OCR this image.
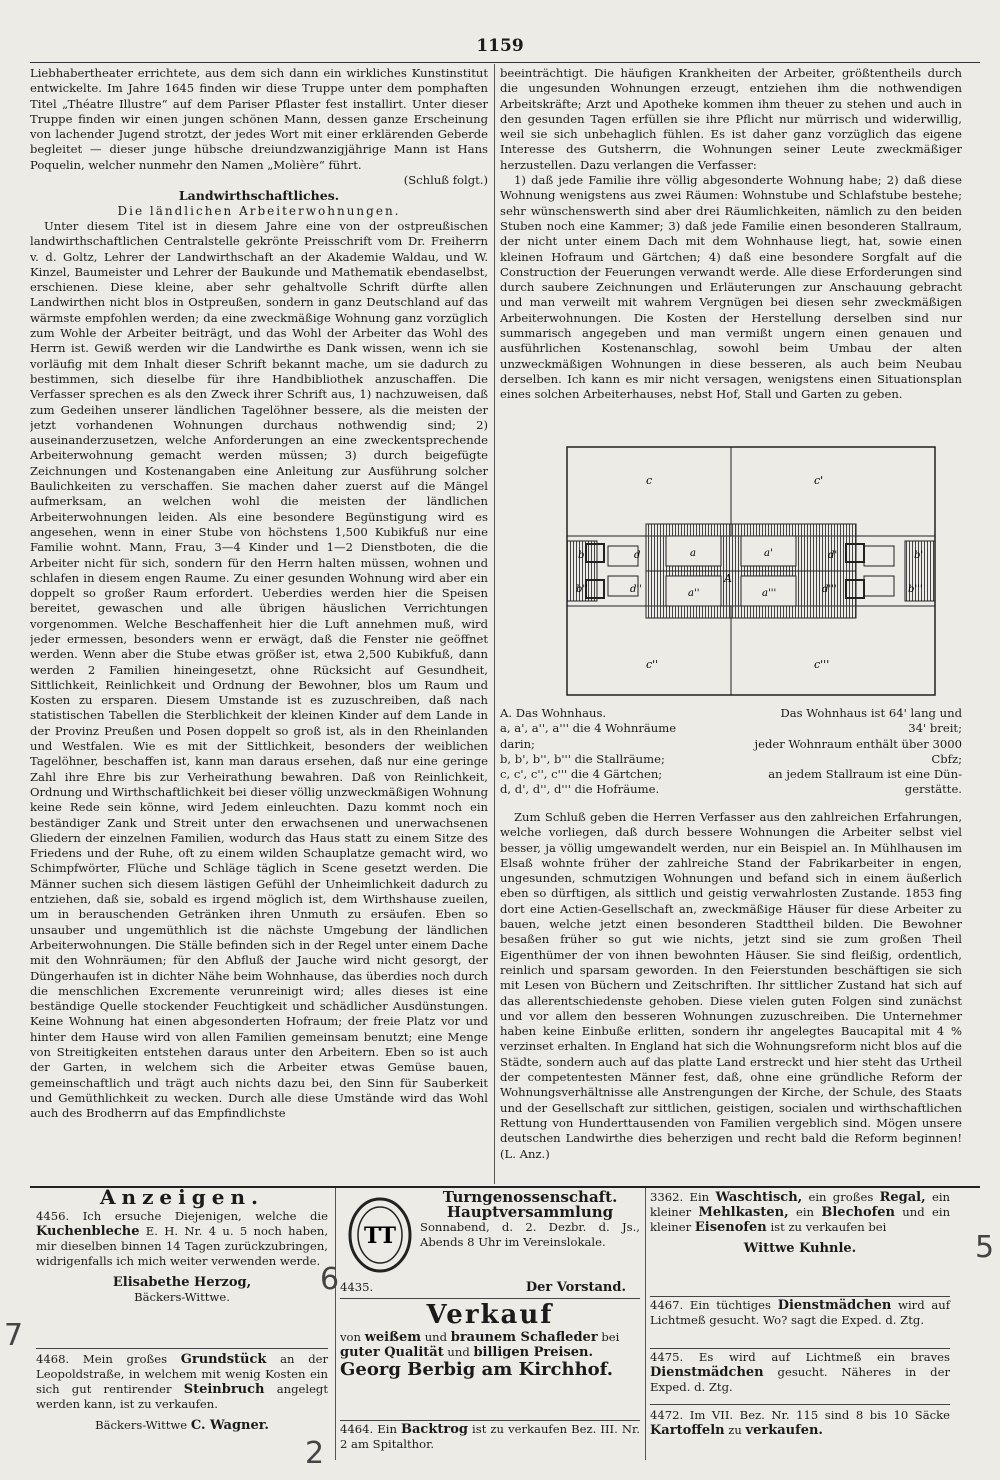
1159

Liebhabertheater errichtete, aus dem sich dann ein wirkliches Kunstinstitut entwickelte. Im Jahre 1645 finden wir diese Truppe unter dem pomphaften Titel „Théatre Illustre“ auf dem Pariser Pflaster fest installirt. Unter dieser Truppe finden wir einen jungen schönen Mann, dessen ganze Erscheinung von lachender Jugend strotzt, der jedes Wort mit einer erklärenden Geberde begleitet — dieser junge hübsche dreiundzwanzigjährige Mann ist Hans Poquelin, welcher nunmehr den Namen „Molière“ führt.

(Schluß folgt.)

Landwirthschaftliches.

Die ländlichen Arbeiterwohnungen.

Unter diesem Titel ist in diesem Jahre eine von der ostpreußischen landwirthschaftlichen Centralstelle gekrönte Preisschrift vom Dr. Freiherrn v. d. Goltz, Lehrer der Landwirthschaft an der Akademie Waldau, und W. Kinzel, Baumeister und Lehrer der Baukunde und Mathematik ebendaselbst, erschienen. Diese kleine, aber sehr gehaltvolle Schrift dürfte allen Landwirthen nicht blos in Ostpreußen, sondern in ganz Deutschland auf das wärmste empfohlen werden; da eine zweckmäßige Wohnung ganz vorzüglich zum Wohle der Arbeiter beiträgt, und das Wohl der Arbeiter das Wohl des Herrn ist. Gewiß werden wir die Landwirthe es Dank wissen, wenn ich sie vorläufig mit dem Inhalt dieser Schrift bekannt mache, um sie dadurch zu bestimmen, sich dieselbe für ihre Handbibliothek anzuschaffen. Die Verfasser sprechen es als den Zweck ihrer Schrift aus, 1) nachzuweisen, daß zum Gedeihen unserer ländlichen Tagelöhner bessere, als die meisten der jetzt vorhandenen Wohnungen durchaus nothwendig sind; 2) auseinanderzusetzen, welche Anforderungen an eine zweckentsprechende Arbeiterwohnung gemacht werden müssen; 3) durch beigefügte Zeichnungen und Kostenangaben eine Anleitung zur Ausführung solcher Baulichkeiten zu verschaffen. Sie machen daher zuerst auf die Mängel aufmerksam, an welchen wohl die meisten der ländlichen Arbeiterwohnungen leiden. Als eine besondere Begünstigung wird es angesehen, wenn in einer Stube von höchstens 1,500 Kubikfuß nur eine Familie wohnt. Mann, Frau, 3—4 Kinder und 1—2 Dienstboten, die die Arbeiter nicht für sich, sondern für den Herrn halten müssen, wohnen und schlafen in diesem engen Raume. Zu einer gesunden Wohnung wird aber ein doppelt so großer Raum erfordert. Ueberdies werden hier die Speisen bereitet, gewaschen und alle übrigen häuslichen Verrichtungen vorgenommen. Welche Beschaffenheit hier die Luft annehmen muß, wird jeder ermessen, besonders wenn er erwägt, daß die Fenster nie geöffnet werden. Wenn aber die Stube etwas größer ist, etwa 2,500 Kubikfuß, dann werden 2 Familien hineingesetzt, ohne Rücksicht auf Gesundheit, Sittlichkeit, Reinlichkeit und Ordnung der Bewohner, blos um Raum und Kosten zu ersparen. Diesem Umstande ist es zuzuschreiben, daß nach statistischen Tabellen die Sterblichkeit der kleinen Kinder auf dem Lande in der Provinz Preußen und Posen doppelt so groß ist, als in den Rheinlanden und Westfalen. Wie es mit der Sittlichkeit, besonders der weiblichen Tagelöhner, beschaffen ist, kann man daraus ersehen, daß nur eine geringe Zahl ihre Ehre bis zur Verheirathung bewahren. Daß von Reinlichkeit, Ordnung und Wirthschaftlichkeit bei dieser völlig unzweckmäßigen Wohnung keine Rede sein könne, wird Jedem einleuchten. Dazu kommt noch ein beständiger Zank und Streit unter den erwachsenen und unerwachsenen Gliedern der einzelnen Familien, wodurch das Haus statt zu einem Sitze des Friedens und der Ruhe, oft zu einem wilden Schauplatze gemacht wird, wo Schimpfwörter, Flüche und Schläge täglich in Scene gesetzt werden. Die Männer suchen sich diesem lästigen Gefühl der Unheimlichkeit dadurch zu entziehen, daß sie, sobald es irgend möglich ist, dem Wirthshause zueilen, um in berauschenden Getränken ihren Unmuth zu ersäufen. Eben so unsauber und ungemüthlich ist die nächste Umgebung der ländlichen Arbeiterwohnungen. Die Ställe befinden sich in der Regel unter einem Dache mit den Wohnräumen; für den Abfluß der Jauche wird nicht gesorgt, der Düngerhaufen ist in dichter Nähe beim Wohnhause, das überdies noch durch die menschlichen Excremente verunreinigt wird; alles dieses ist eine beständige Quelle stockender Feuchtigkeit und schädlicher Ausdünstungen. Keine Wohnung hat einen abgesonderten Hofraum; der freie Platz vor und hinter dem Hause wird von allen Familien gemeinsam benutzt; eine Menge von Streitigkeiten entstehen daraus unter den Arbeitern. Eben so ist auch der Garten, in welchem sich die Arbeiter etwas Gemüse bauen, gemeinschaftlich und trägt auch nichts dazu bei, den Sinn für Sauberkeit und Gemüthlichkeit zu wecken. Durch alle diese Umstände wird das Wohl auch des Brodherrn auf das Empfindlichste

beeinträchtigt. Die häufigen Krankheiten der Arbeiter, größtentheils durch die ungesunden Wohnungen erzeugt, entziehen ihm die nothwendigen Arbeitskräfte; Arzt und Apotheke kommen ihm theuer zu stehen und auch in den gesunden Tagen erfüllen sie ihre Pflicht nur mürrisch und widerwillig, weil sie sich unbehaglich fühlen. Es ist daher ganz vorzüglich das eigene Interesse des Gutsherrn, die Wohnungen seiner Leute zweckmäßiger herzustellen. Dazu verlangen die Verfasser:

1) daß jede Familie ihre völlig abgesonderte Wohnung habe; 2) daß diese Wohnung wenigstens aus zwei Räumen: Wohnstube und Schlafstube bestehe; sehr wünschenswerth sind aber drei Räumlichkeiten, nämlich zu den beiden Stuben noch eine Kammer; 3) daß jede Familie einen besonderen Stallraum, der nicht unter einem Dach mit dem Wohnhause liegt, hat, sowie einen kleinen Hofraum und Gärtchen; 4) daß eine besondere Sorgfalt auf die Construction der Feuerungen verwandt werde. Alle diese Erforderungen sind durch saubere Zeichnungen und Erläuterungen zur Anschauung gebracht und man verweilt mit wahrem Vergnügen bei diesen sehr zweckmäßigen Arbeiterwohnungen. Die Kosten der Herstellung derselben sind nur summarisch angegeben und man vermißt ungern einen genauen und ausführlichen Kostenanschlag, sowohl beim Umbau der alten unzweckmäßigen Wohnungen in diese besseren, als auch beim Neubau derselben. Ich kann es mir nicht versagen, wenigstens einen Situationsplan eines solchen Arbeiterhauses, nebst Hof, Stall und Garten zu geben.

c	c'
c''	c'''
b	b'
b''	b'''
d	d'
d''	d'''
a	a'
a''	a'''
A
A. Das Wohnhaus.	Das Wohnhaus ist 64' lang und
a, a', a'', a''' die 4 Wohnräume	34' breit;
darin;	jeder Wohnraum enthält über 3000
b, b', b'', b''' die Stallräume;	Cbfz;
c, c', c'', c''' die 4 Gärtchen;	an jedem Stallraum ist eine Dün-
d, d', d'', d''' die Hofräume.	gerstätte.

Zum Schluß geben die Herren Verfasser aus den zahlreichen Erfahrungen, welche vorliegen, daß durch bessere Wohnungen die Arbeiter selbst viel besser, ja völlig umgewandelt werden, nur ein Beispiel an. In Mühlhausen im Elsaß wohnte früher der zahlreiche Stand der Fabrikarbeiter in engen, ungesunden, schmutzigen Wohnungen und befand sich in einem äußerlich eben so dürftigen, als sittlich und geistig verwahrlosten Zustande. 1853 fing dort eine Actien-Gesellschaft an, zweckmäßige Häuser für diese Arbeiter zu bauen, welche jetzt einen besonderen Stadttheil bilden. Die Bewohner besaßen früher so gut wie nichts, jetzt sind sie zum großen Theil Eigenthümer der von ihnen bewohnten Häuser. Sie sind fleißig, ordentlich, reinlich und sparsam geworden. In den Feierstunden beschäftigen sie sich mit Lesen von Büchern und Zeitschriften. Ihr sittlicher Zustand hat sich auf das allerentschiedenste gehoben. Diese vielen guten Folgen sind zunächst und vor allem den besseren Wohnungen zuzuschreiben. Die Unternehmer haben keine Einbuße erlitten, sondern ihr angelegtes Baucapital mit 4 % verzinset erhalten. In England hat sich die Wohnungsreform nicht blos auf die Städte, sondern auch auf das platte Land erstreckt und hier steht das Urtheil der competentesten Männer fest, daß, ohne eine gründliche Reform der Wohnungsverhältnisse alle Anstrengungen der Kirche, der Schule, des Staats und der Gesellschaft zur sittlichen, geistigen, socialen und wirthschaftlichen Rettung von Hunderttausenden von Familien vergeblich sind. Mögen unsere deutschen Landwirthe dies beherzigen und recht bald die Reform beginnen! (L. Anz.)

Anzeigen.
4456. Ich ersuche Diejenigen, welche die Kuchenbleche E. H. Nr. 4 u. 5 noch haben, mir dieselben binnen 14 Tagen zurückzubringen, widrigenfalls ich mich weiter verwenden werde.
Elisabethe Herzog,
Bäckers-Wittwe.
4468. Mein großes Grundstück an der Leopoldstraße, in welchem mit wenig Kosten ein sich gut rentirender Steinbruch angelegt werden kann, ist zu verkaufen.
Bäckers-Wittwe C. Wagner.
TT
Turngenossenschaft.
Hauptversammlung
Sonnabend, d. 2. Dezbr. d. Js., Abends 8 Uhr im Vereinslokale.
4435.	Der Vorstand.
Verkauf
von weißem und braunem Schafleder bei guter Qualität und billigen Preisen.
Georg Berbig am Kirchhof.
4464. Ein Backtrog ist zu verkaufen Bez. III. Nr. 2 am Spitalthor.
3362. Ein Waschtisch, ein großes Regal, ein kleiner Mehlkasten, ein Blechofen und ein kleiner Eisenofen ist zu verkaufen bei
Wittwe Kuhnle.
4467. Ein tüchtiges Dienstmädchen wird auf Lichtmeß gesucht. Wo? sagt die Exped. d. Ztg.
4475. Es wird auf Lichtmeß ein braves Dienstmädchen gesucht. Näheres in der Exped. d. Ztg.
4472. Im VII. Bez. Nr. 115 sind 8 bis 10 Säcke Kartoffeln zu verkaufen.
6
7
2
5
